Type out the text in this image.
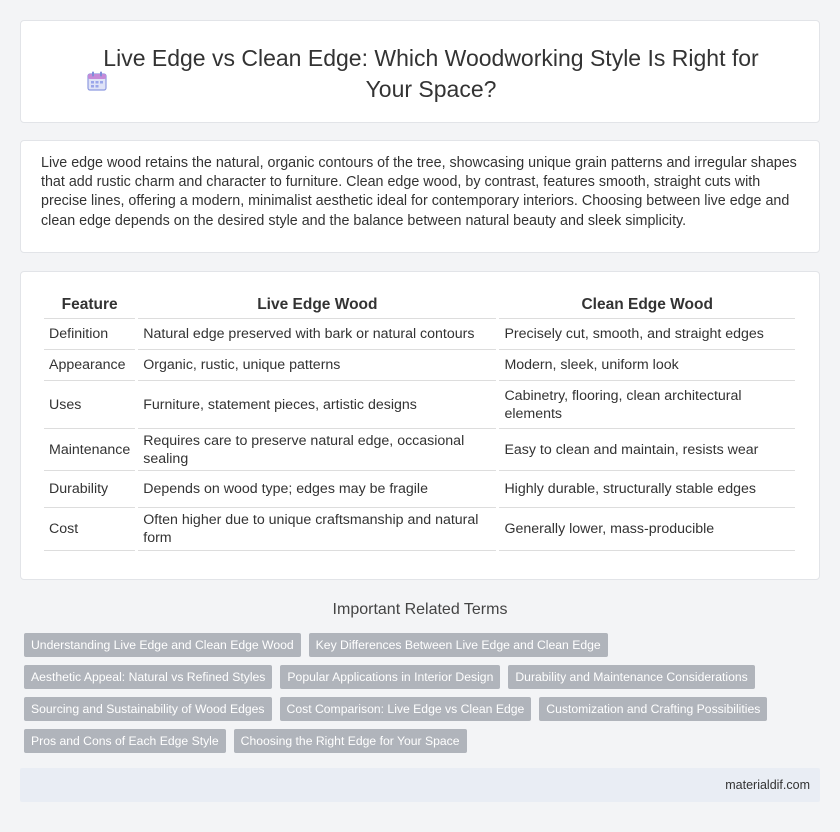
Live Edge vs Clean Edge: Which Woodworking Style Is Right for Your Space?

Live edge wood retains the natural, organic contours of the tree, showcasing unique grain patterns and irregular shapes that add rustic charm and character to furniture. Clean edge wood, by contrast, features smooth, straight cuts with precise lines, offering a modern, minimalist aesthetic ideal for contemporary interiors. Choosing between live edge and clean edge depends on the desired style and the balance between natural beauty and sleek simplicity.

Feature	Live Edge Wood	Clean Edge Wood
Definition	Natural edge preserved with bark or natural contours	Precisely cut, smooth, and straight edges
Appearance	Organic, rustic, unique patterns	Modern, sleek, uniform look
Uses	Furniture, statement pieces, artistic designs	Cabinetry, flooring, clean architectural elements
Maintenance	Requires care to preserve natural edge, occasional sealing	Easy to clean and maintain, resists wear
Durability	Depends on wood type; edges may be fragile	Highly durable, structurally stable edges
Cost	Often higher due to unique craftsmanship and natural form	Generally lower, mass-producible
Important Related Terms
Understanding Live Edge and Clean Edge Wood	Key Differences Between Live Edge and Clean Edge
Aesthetic Appeal: Natural vs Refined Styles	Popular Applications in Interior Design	Durability and Maintenance Considerations
Sourcing and Sustainability of Wood Edges	Cost Comparison: Live Edge vs Clean Edge	Customization and Crafting Possibilities
Pros and Cons of Each Edge Style	Choosing the Right Edge for Your Space
materialdif.com
